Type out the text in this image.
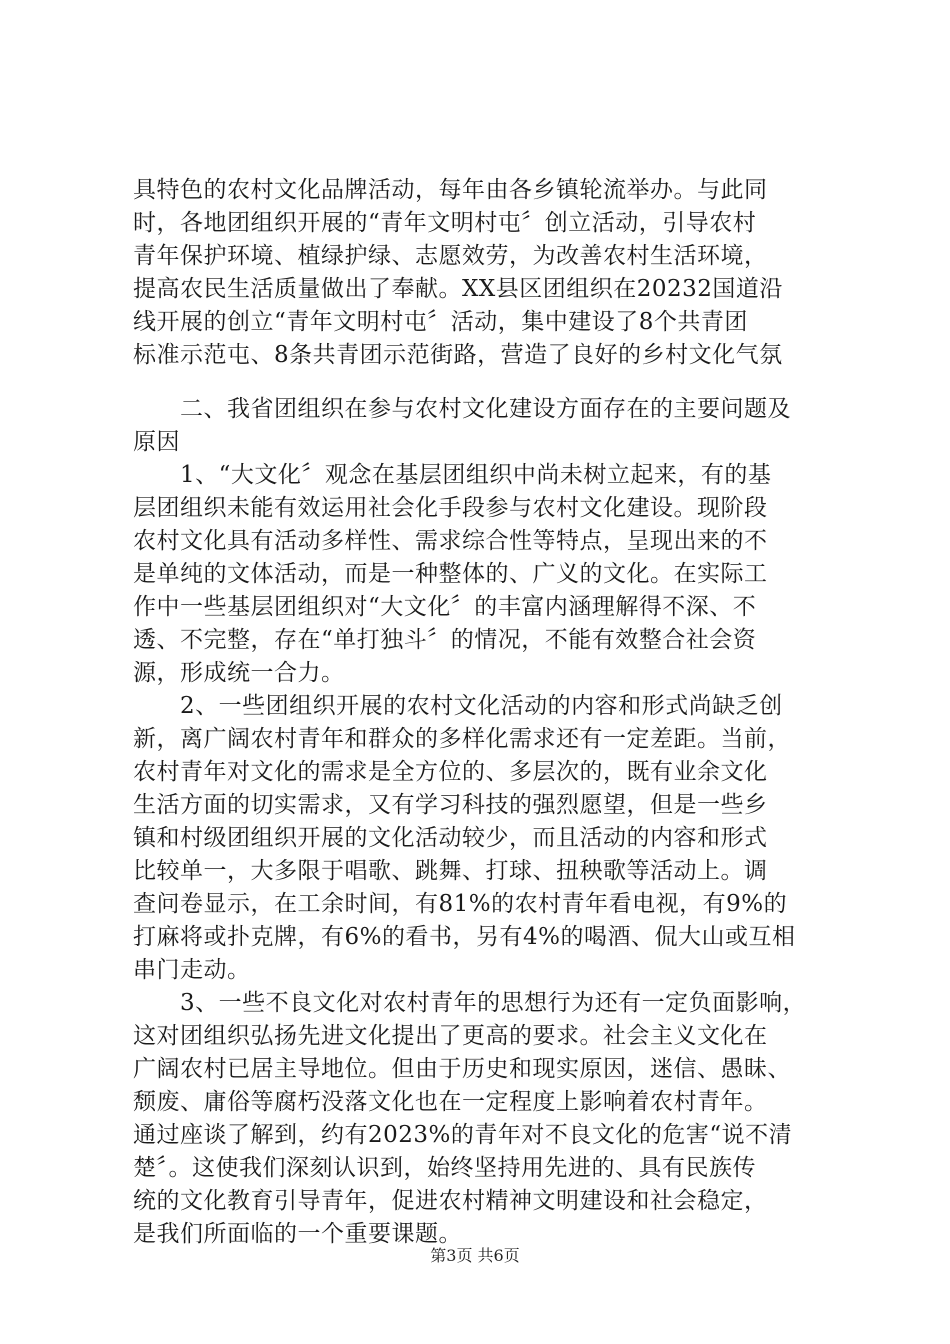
具特色的农村文化品牌活动，每年由各乡镇轮流举办。与此同
时，各地团组织开展的“青年文明村屯〞创立活动，引导农村
青年保护环境、植绿护绿、志愿效劳，为改善农村生活环境，
提高农民生活质量做出了奉献。XX县区团组织在20232国道沿
线开展的创立“青年文明村屯〞活动，集中建设了8个共青团
标准示范屯、8条共青团示范街路，营造了良好的乡村文化气氛
　　二、我省团组织在参与农村文化建设方面存在的主要问题及
原因
　　1、“大文化〞观念在基层团组织中尚未树立起来，有的基
层团组织未能有效运用社会化手段参与农村文化建设。现阶段
农村文化具有活动多样性、需求综合性等特点，呈现出来的不
是单纯的文体活动，而是一种整体的、广义的文化。在实际工
作中一些基层团组织对“大文化〞的丰富内涵理解得不深、不
透、不完整，存在“单打独斗〞的情况，不能有效整合社会资
源，形成统一合力。
　　2、一些团组织开展的农村文化活动的内容和形式尚缺乏创
新，离广阔农村青年和群众的多样化需求还有一定差距。当前，
农村青年对文化的需求是全方位的、多层次的，既有业余文化
生活方面的切实需求，又有学习科技的强烈愿望，但是一些乡
镇和村级团组织开展的文化活动较少，而且活动的内容和形式
比较单一，大多限于唱歌、跳舞、打球、扭秧歌等活动上。调
查问卷显示，在工余时间，有81%的农村青年看电视，有9%的
打麻将或扑克牌，有6%的看书，另有4%的喝酒、侃大山或互相
串门走动。
　　3、一些不良文化对农村青年的思想行为还有一定负面影响，
这对团组织弘扬先进文化提出了更高的要求。社会主义文化在
广阔农村已居主导地位。但由于历史和现实原因，迷信、愚昧、
颓废、庸俗等腐朽没落文化也在一定程度上影响着农村青年。
通过座谈了解到，约有2023%的青年对不良文化的危害“说不清
楚〞。这使我们深刻认识到，始终坚持用先进的、具有民族传
统的文化教育引导青年，促进农村精神文明建设和社会稳定，
是我们所面临的一个重要课题。
第3页 共6页
